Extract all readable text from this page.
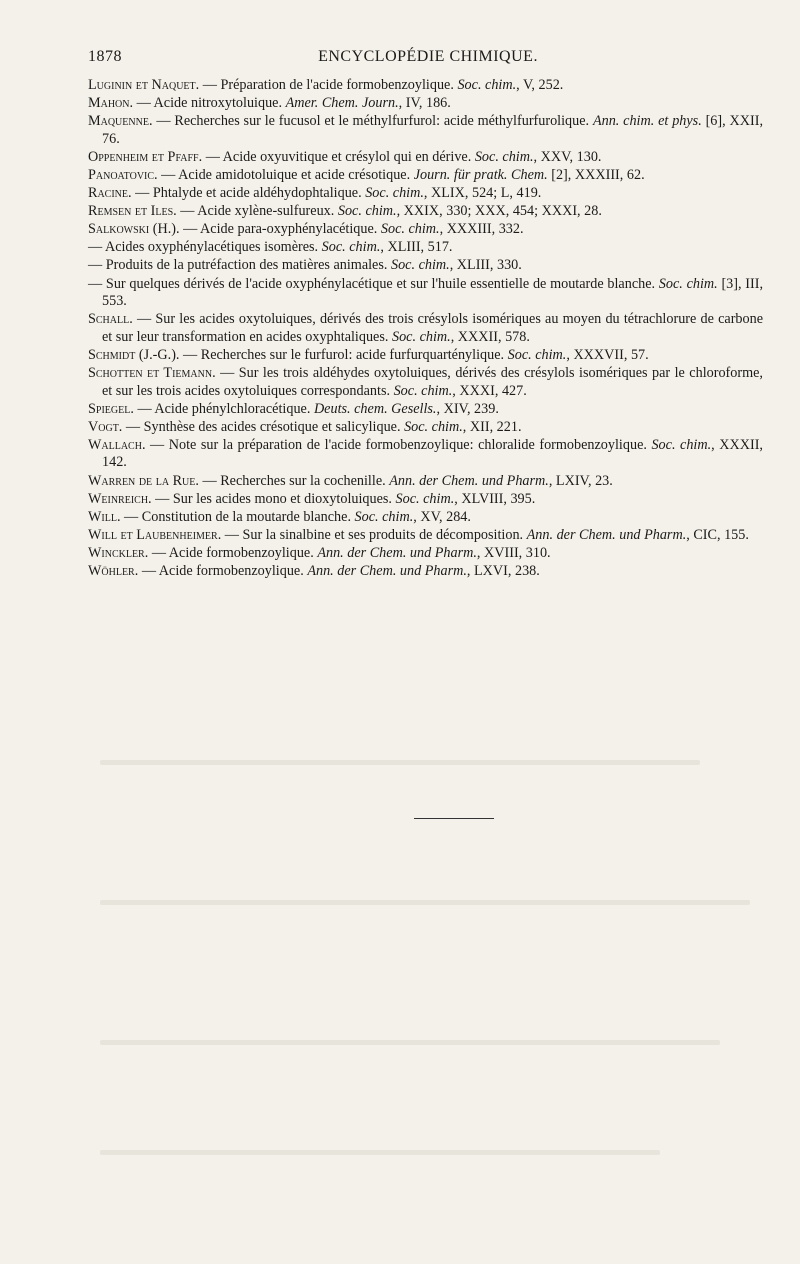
1878	ENCYCLOPÉDIE CHIMIQUE.

Luginin et Naquet. — Préparation de l'acide formobenzoylique. Soc. chim., V, 252.

Mahon. — Acide nitroxytoluique. Amer. Chem. Journ., IV, 186.

Maquenne. — Recherches sur le fucusol et le méthylfurfurol: acide méthylfurfurolique. Ann. chim. et phys. [6], XXII, 76.

Oppenheim et Pfaff. — Acide oxyuvitique et crésylol qui en dérive. Soc. chim., XXV, 130.

Panoatovic. — Acide amidotoluique et acide crésotique. Journ. für pratk. Chem. [2], XXXIII, 62.

Racine. — Phtalyde et acide aldéhydophtalique. Soc. chim., XLIX, 524; L, 419.

Remsen et Iles. — Acide xylène-sulfureux. Soc. chim., XXIX, 330; XXX, 454; XXXI, 28.

Salkowski (H.). — Acide para-oxyphénylacétique. Soc. chim., XXXIII, 332.

— Acides oxyphénylacétiques isomères. Soc. chim., XLIII, 517.

— Produits de la putréfaction des matières animales. Soc. chim., XLIII, 330.

— Sur quelques dérivés de l'acide oxyphénylacétique et sur l'huile essentielle de moutarde blanche. Soc. chim. [3], III, 553.

Schall. — Sur les acides oxytoluiques, dérivés des trois crésylols isomériques au moyen du tétrachlorure de carbone et sur leur transformation en acides oxyphtaliques. Soc. chim., XXXII, 578.

Schmidt (J.-G.). — Recherches sur le furfurol: acide furfurquarténylique. Soc. chim., XXXVII, 57.

Schotten et Tiemann. — Sur les trois aldéhydes oxytoluiques, dérivés des crésylols isomériques par le chloroforme, et sur les trois acides oxytoluiques correspondants. Soc. chim., XXXI, 427.

Spiegel. — Acide phénylchloracétique. Deuts. chem. Gesells., XIV, 239.

Vogt. — Synthèse des acides crésotique et salicylique. Soc. chim., XII, 221.

Wallach. — Note sur la préparation de l'acide formobenzoylique: chloralide formobenzoylique. Soc. chim., XXXII, 142.

Warren de la Rue. — Recherches sur la cochenille. Ann. der Chem. und Pharm., LXIV, 23.

Weinreich. — Sur les acides mono et dioxytoluiques. Soc. chim., XLVIII, 395.

Will. — Constitution de la moutarde blanche. Soc. chim., XV, 284.

Will et Laubenheimer. — Sur la sinalbine et ses produits de décomposition. Ann. der Chem. und Pharm., CIC, 155.

Winckler. — Acide formobenzoylique. Ann. der Chem. und Pharm., XVIII, 310.

Wöhler. — Acide formobenzoylique. Ann. der Chem. und Pharm., LXVI, 238.
